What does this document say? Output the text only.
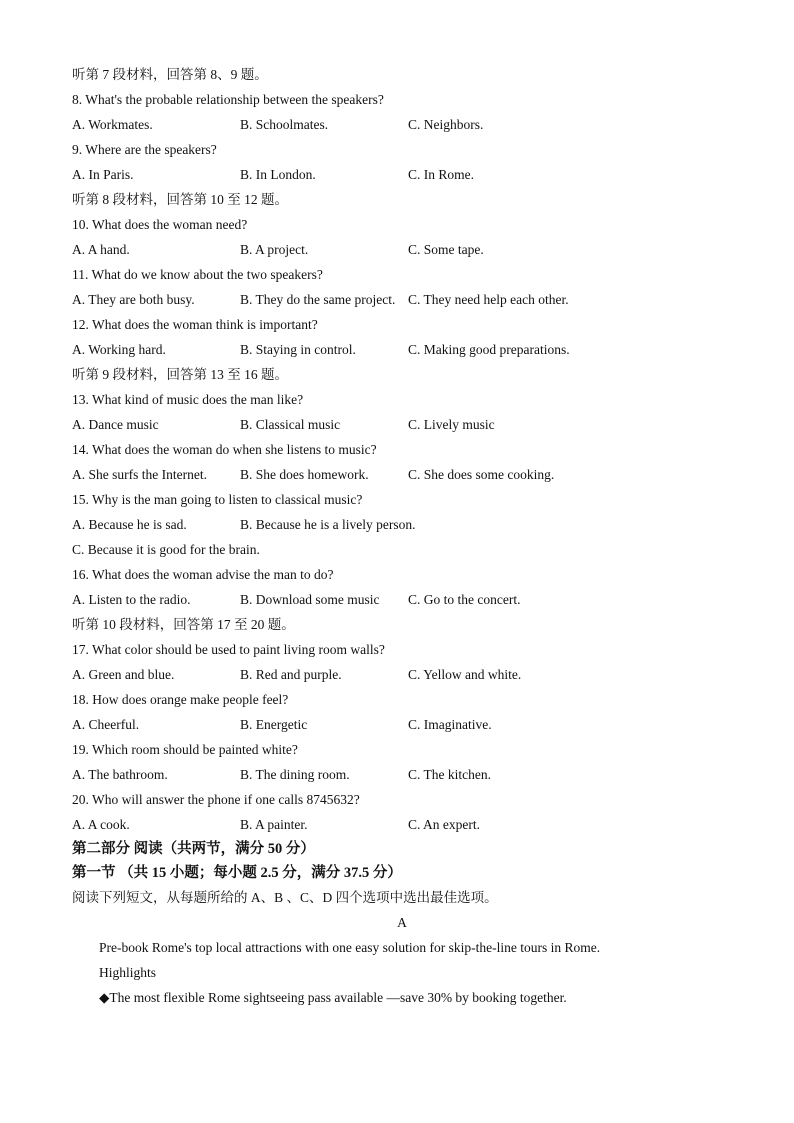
听第 7 段材料，回答第 8、9 题。
8. What's the probable relationship between the speakers?
A. Workmates.	B. Schoolmates.	C. Neighbors.
9. Where are the speakers?
A. In Paris.	B. In London.	C. In Rome.
听第 8 段材料，回答第 10 至 12 题。
10. What does the woman need?
A. A hand.	B. A project.	C. Some tape.
11. What do we know about the two speakers?
A. They are both busy.	B. They do the same project. C. They need help each other.
12. What does the woman think is important?
A. Working hard.	B. Staying in control.	C. Making good preparations.
听第 9 段材料，回答第 13 至 16 题。
13. What kind of music does the man like?
A. Dance music	B. Classical music	C. Lively music
14. What does the woman do when she listens to music?
A. She surfs the Internet. B. She does homework.	C. She does some cooking.
15. Why is the man going to listen to classical music?
A. Because he is sad.	B. Because he is a lively person.
C. Because it is good for the brain.
16. What does the woman advise the man to do?
A. Listen to the radio.	B. Download some music C. Go to the concert.
听第 10 段材料，回答第 17 至 20 题。
17. What color should be used to paint living room walls?
A. Green and blue.	B. Red and purple.	C. Yellow and white.
18. How does orange make people feel?
A. Cheerful.	B. Energetic	C. Imaginative.
19. Which room should be painted white?
A. The bathroom.	B. The dining room.	C. The kitchen.
20. Who will answer the phone if one calls 8745632?
A. A cook.	B. A painter.	C. An expert.
第二部分 阅读（共两节，满分 50 分）
第一节 （共 15 小题；每小题 2.5 分，满分 37.5 分）
阅读下列短文，从每题所给的 A、B 、C、D 四个选项中选出最佳选项。
A
Pre-book Rome's top local attractions with one easy solution for skip-the-line tours in Rome.
Highlights
◆The most flexible Rome sightseeing pass available —save 30% by booking together.
